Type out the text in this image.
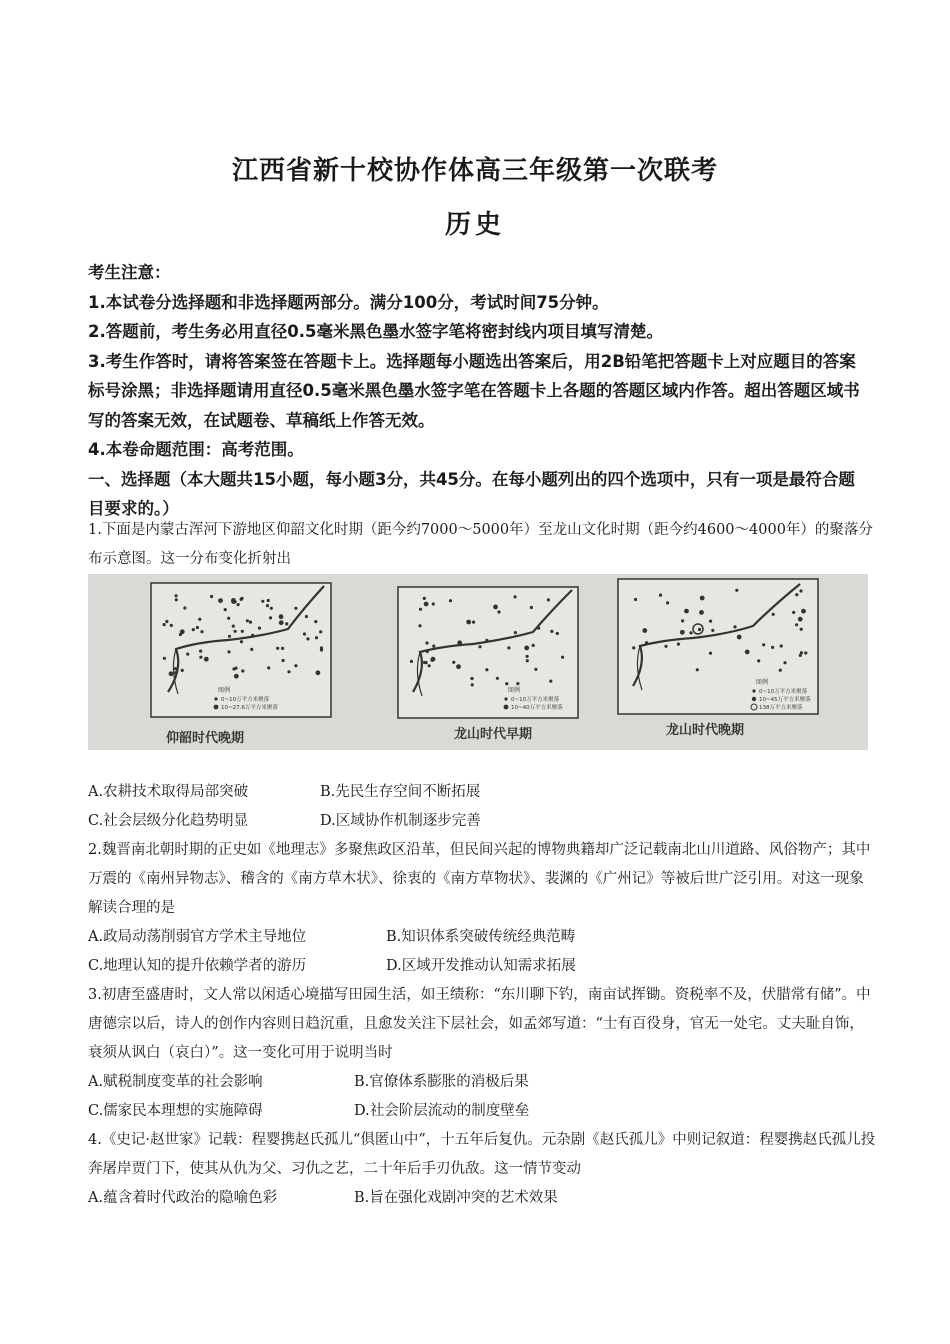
江西省新十校协作体高三年级第一次联考
历史
考生注意：
1.本试卷分选择题和非选择题两部分。满分100分，考试时间75分钟。
2.答题前，考生务必用直径0.5毫米黑色墨水签字笔将密封线内项目填写清楚。
3.考生作答时，请将答案签在答题卡上。选择题每小题选出答案后，用2B铅笔把答题卡上对应题目的答案标号涂黑；非选择题请用直径0.5毫米黑色墨水签字笔在答题卡上各题的答题区域内作答。超出答题区域书写的答案无效，在试题卷、草稿纸上作答无效。
4.本卷命题范围：高考范围。
一、选择题（本大题共15小题，每小题3分，共45分。在每小题列出的四个选项中，只有一项是最符合题目要求的。）
1.下面是内蒙古浑河下游地区仰韶文化时期（距今约7000～5000年）至龙山文化时期（距今约4600～4000年）的聚落分布示意图。这一分布变化折射出
仰韶时代晚期
图例
0~10万平方米聚落
10~27.6万平方米聚落
龙山时代早期
图例
0~10万平方米聚落
10~40万平方米聚落
龙山时代晚期
图例
0~10万平方米聚落
10~45万平方米聚落
138万平方米聚落
A.农耕技术取得局部突破	B.先民生存空间不断拓展
C.社会层级分化趋势明显	D.区域协作机制逐步完善
2.魏晋南北朝时期的正史如《地理志》多聚焦政区沿革，但民间兴起的博物典籍却广泛记载南北山川道路、风俗物产；其中万震的《南州异物志》、稽含的《南方草木状》、徐衷的《南方草物状》、裴渊的《广州记》等被后世广泛引用。对这一现象解读合理的是
A.政局动荡削弱官方学术主导地位	B.知识体系突破传统经典范畴
C.地理认知的提升依赖学者的游历	D.区域开发推动认知需求拓展
3.初唐至盛唐时，文人常以闲适心境描写田园生活，如王绩称：“东川聊下钓，南亩试挥锄。资税率不及，伏腊常有储”。中唐德宗以后，诗人的创作内容则日趋沉重，且愈发关注下层社会，如孟郊写道：“士有百役身，官无一处宅。丈夫耻自饰，衰须从讽白（哀白）”。这一变化可用于说明当时
A.赋税制度变革的社会影响	B.官僚体系膨胀的消极后果
C.儒家民本理想的实施障碍	D.社会阶层流动的制度壁垒
4.《史记·赵世家》记载：程婴携赵氏孤儿“俱匿山中”，十五年后复仇。元杂剧《赵氏孤儿》中则记叙道：程婴携赵氏孤儿投奔屠岸贾门下，使其从仇为父、习仇之艺，二十年后手刃仇敌。这一情节变动
A.蕴含着时代政治的隐喻色彩	B.旨在强化戏剧冲突的艺术效果
